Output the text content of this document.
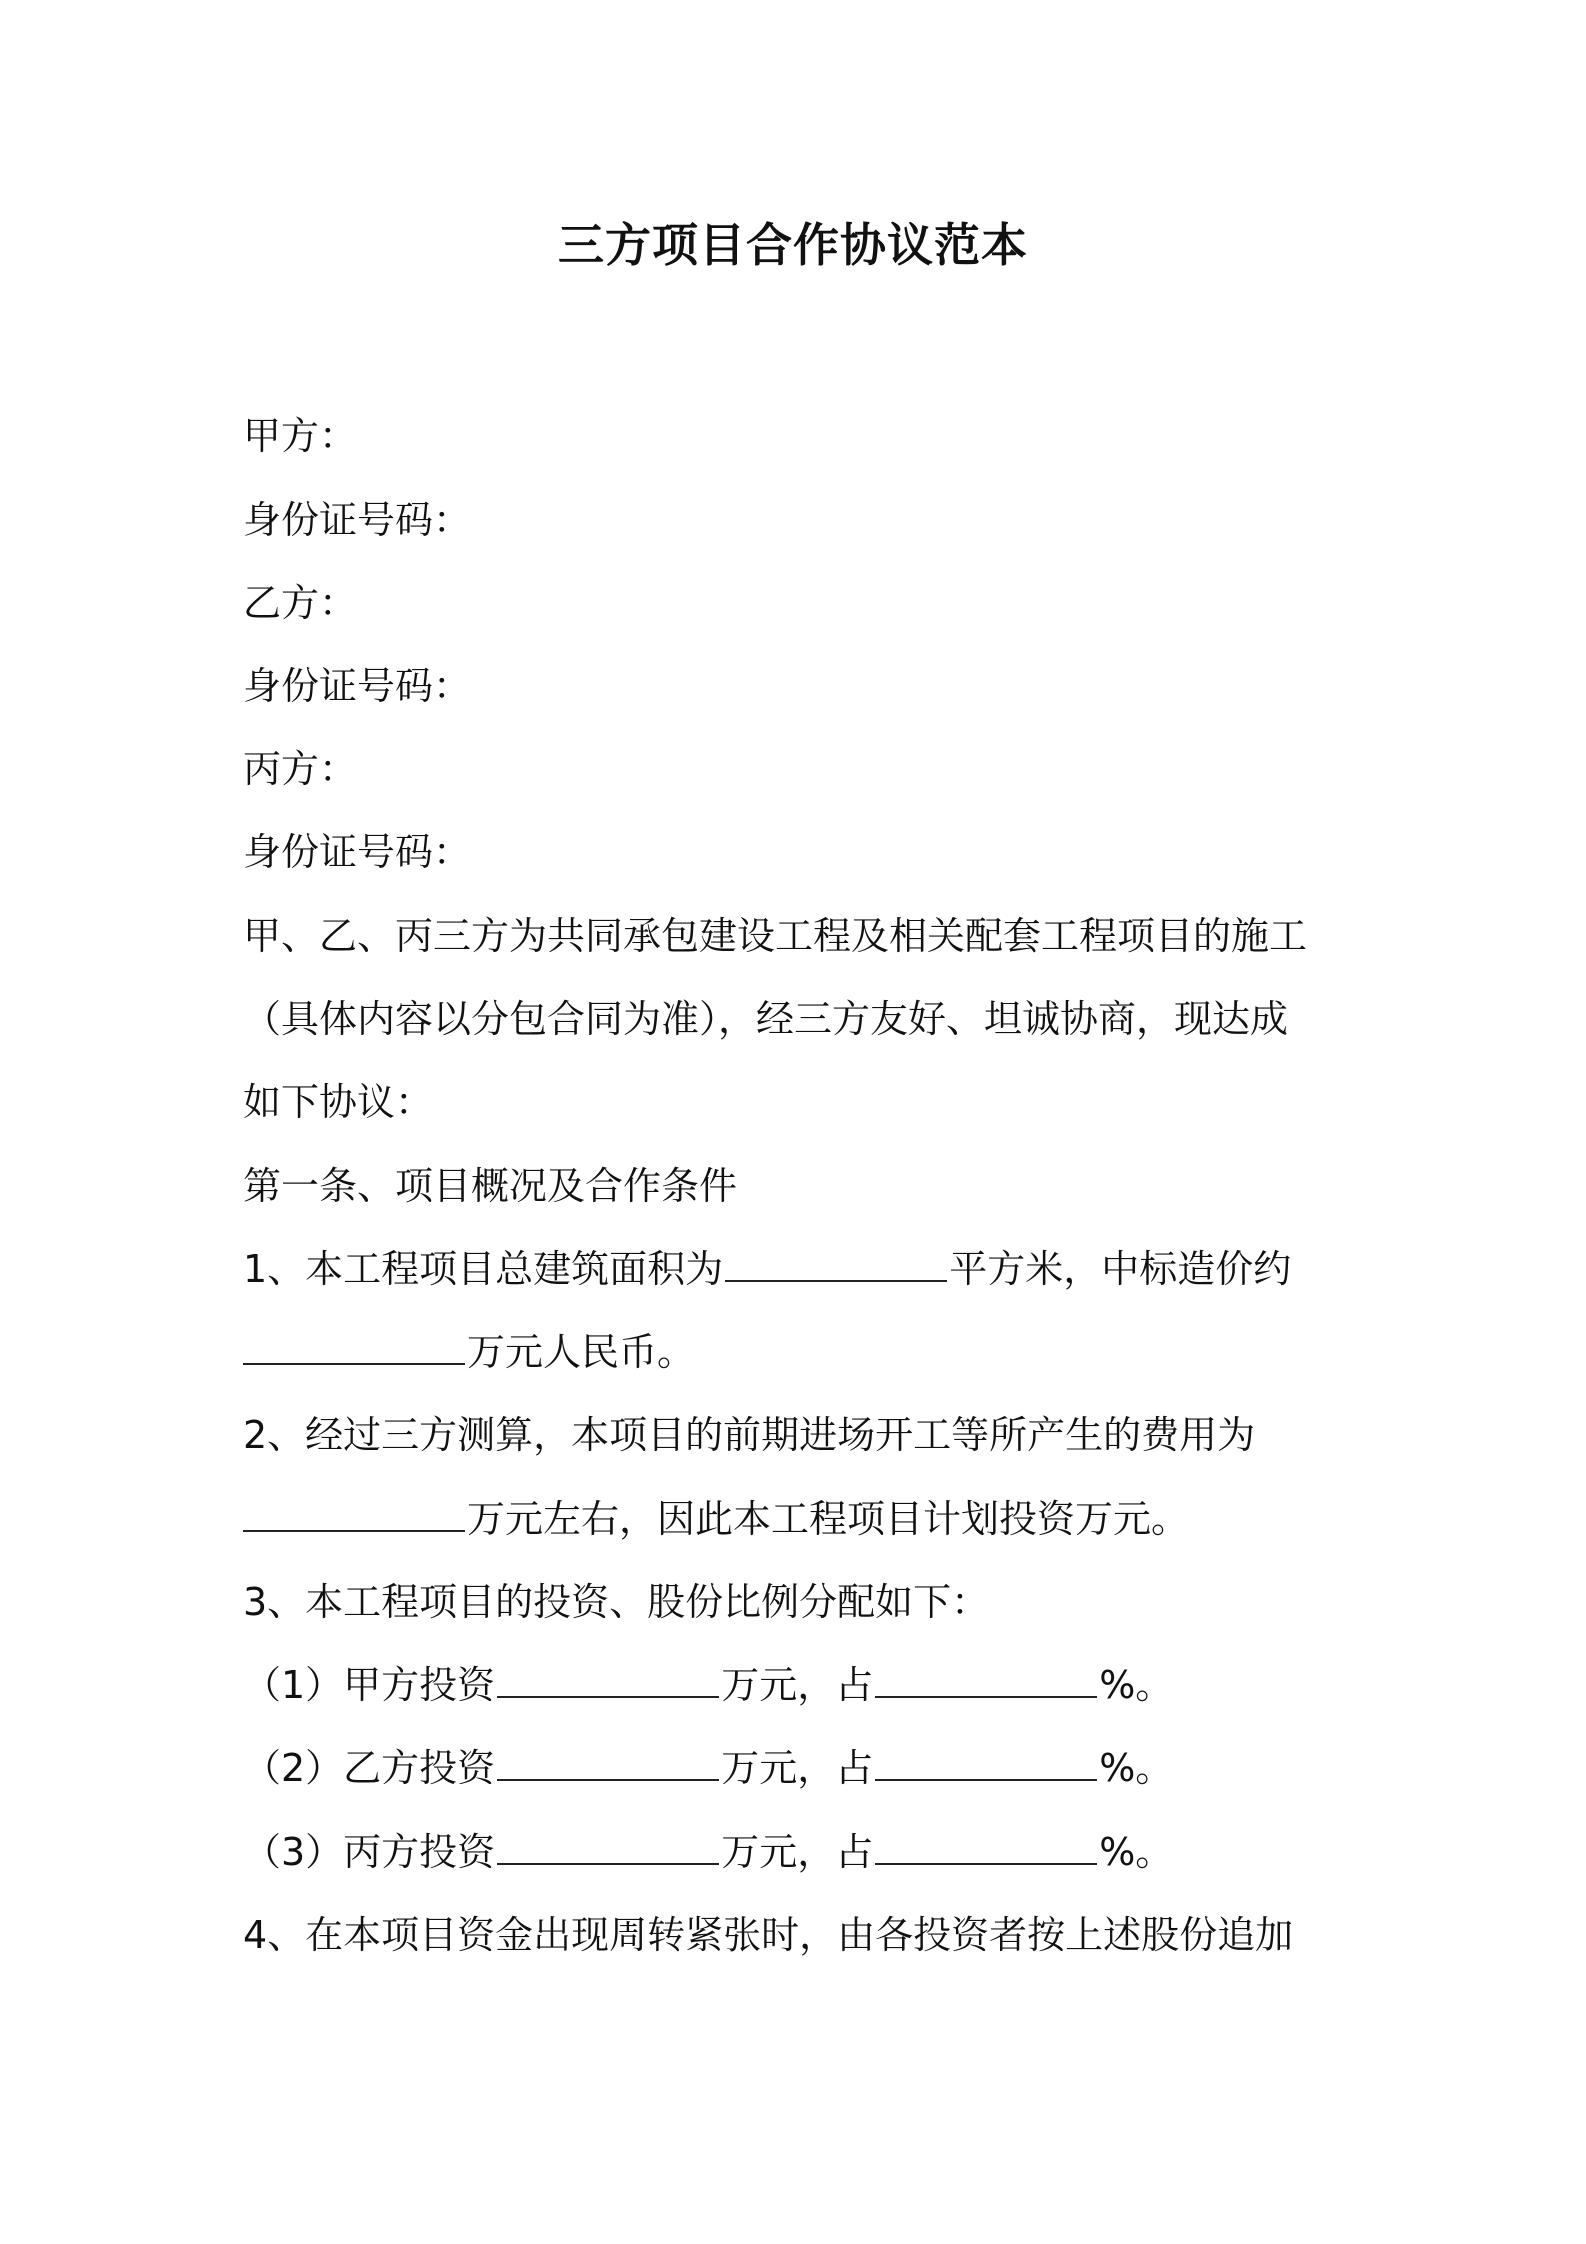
三方项目合作协议范本
甲方：
身份证号码：
乙方：
身份证号码：
丙方：
身份证号码：
甲、乙、丙三方为共同承包建设工程及相关配套工程项目的施工
（具体内容以分包合同为准），经三方友好、坦诚协商，现达成
如下协议：
第一条、项目概况及合作条件
1、本工程项目总建筑面积为	平方米，中标造价约
万元人民币。
2、经过三方测算，本项目的前期进场开工等所产生的费用为
万元左右，因此本工程项目计划投资万元。
3、本工程项目的投资、股份比例分配如下：
（1）甲方投资	万元，占	%。
（2）乙方投资	万元，占	%。
（3）丙方投资	万元，占	%。
4、在本项目资金出现周转紧张时，由各投资者按上述股份追加
